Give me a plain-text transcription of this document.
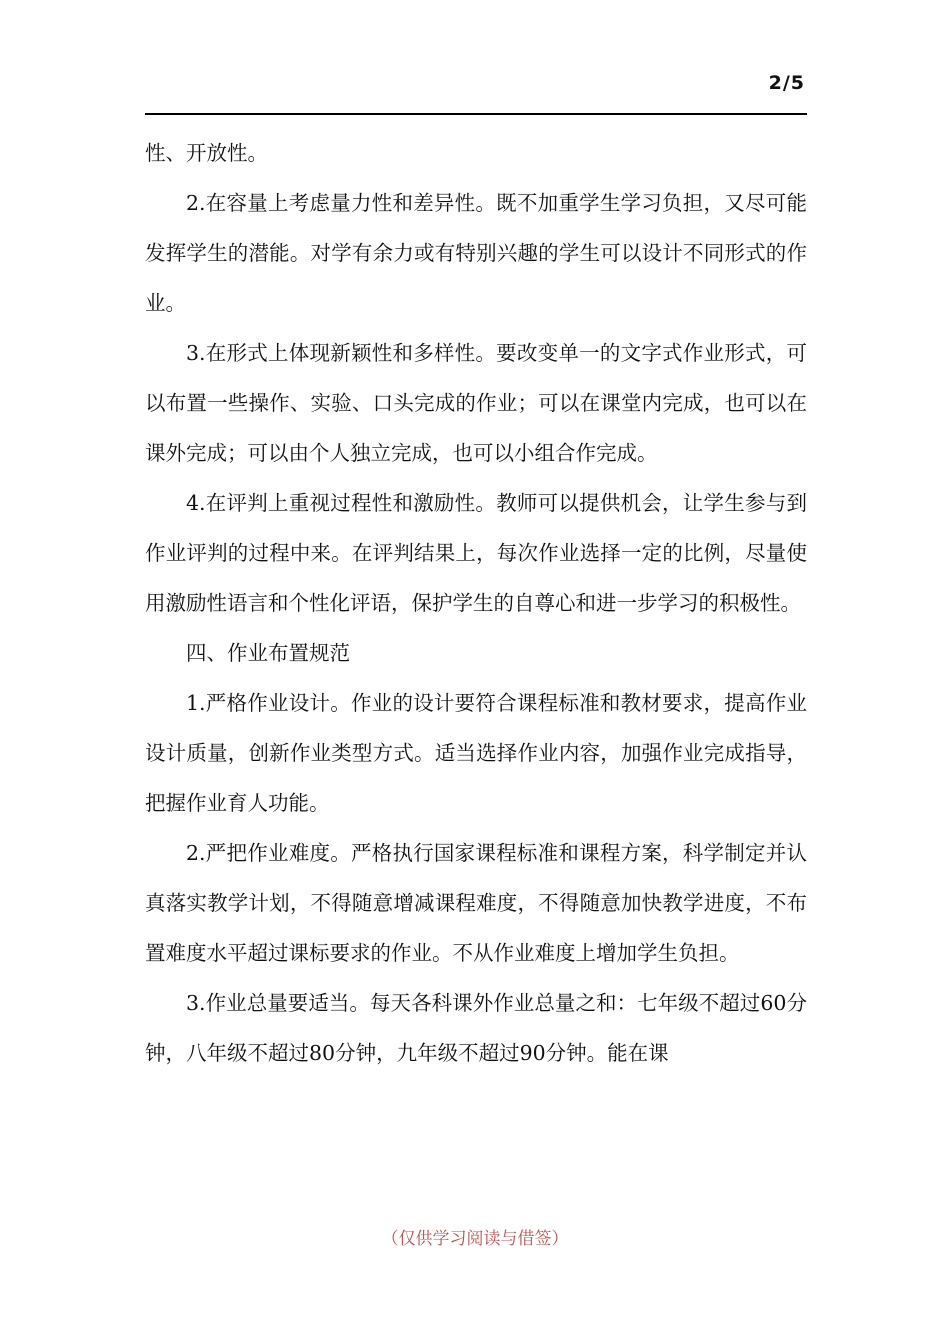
2/5

性、开放性。

2.在容量上考虑量力性和差异性。既不加重学生学习负担，又尽可能发挥学生的潜能。对学有余力或有特别兴趣的学生可以设计不同形式的作业。

3.在形式上体现新颖性和多样性。要改变单一的文字式作业形式，可以布置一些操作、实验、口头完成的作业；可以在课堂内完成，也可以在课外完成；可以由个人独立完成，也可以小组合作完成。

4.在评判上重视过程性和激励性。教师可以提供机会，让学生参与到作业评判的过程中来。在评判结果上，每次作业选择一定的比例，尽量使用激励性语言和个性化评语，保护学生的自尊心和进一步学习的积极性。

四、作业布置规范

1.严格作业设计。作业的设计要符合课程标准和教材要求，提高作业设计质量，创新作业类型方式。适当选择作业内容，加强作业完成指导，把握作业育人功能。

2.严把作业难度。严格执行国家课程标准和课程方案，科学制定并认真落实教学计划，不得随意增减课程难度，不得随意加快教学进度，不布置难度水平超过课标要求的作业。不从作业难度上增加学生负担。

3.作业总量要适当。每天各科课外作业总量之和：七年级不超过60分钟，八年级不超过80分钟，九年级不超过90分钟。能在课

（仅供学习阅读与借签）
